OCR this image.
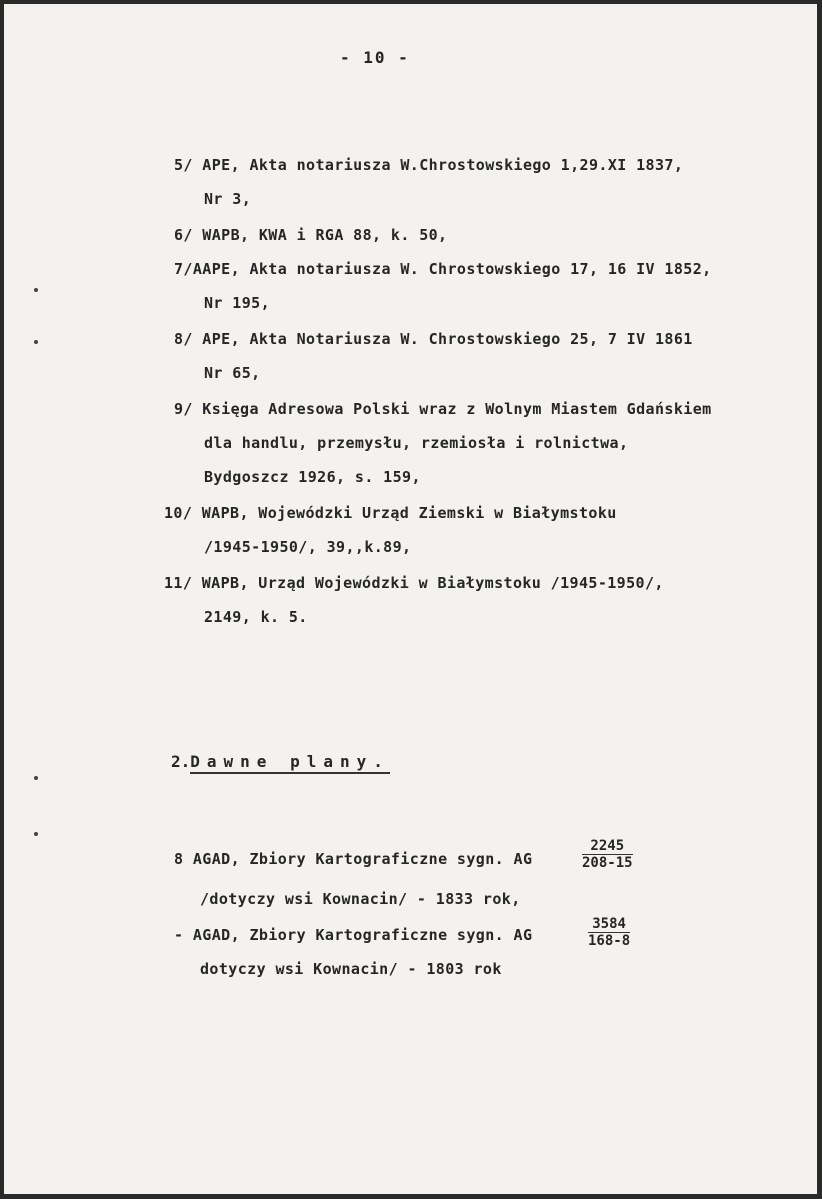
- 10 -
5/ APE, Akta notariusza W.Chrostowskiego 1,29.XI 1837,
Nr 3,
6/ WAPB, KWA i RGA 88, k. 50,
7/AAPE, Akta notariusza W. Chrostowskiego 17, 16 IV 1852,
Nr 195,
8/ APE, Akta Notariusza W. Chrostowskiego 25, 7 IV 1861
Nr 65,
9/ Księga Adresowa Polski wraz z Wolnym Miastem Gdańskiem
dla handlu, przemysłu, rzemiosła i rolnictwa,
Bydgoszcz 1926, s. 159,
10/ WAPB, Wojewódzki Urząd Ziemski w Białymstoku
/1945-1950/, 39,,k.89,
11/ WAPB, Urząd Wojewódzki w Białymstoku /1945-1950/,
2149, k. 5.
2.Dawne plany.
8 AGAD, Zbiory Kartograficzne sygn. AG	$\frac{2245}{208-15}$
/dotyczy wsi Kownacin/ - 1833 rok,
- AGAD, Zbiory Kartograficzne sygn. AG	$\frac{3584}{168-8}$
dotyczy wsi Kownacin/ - 1803 rok
